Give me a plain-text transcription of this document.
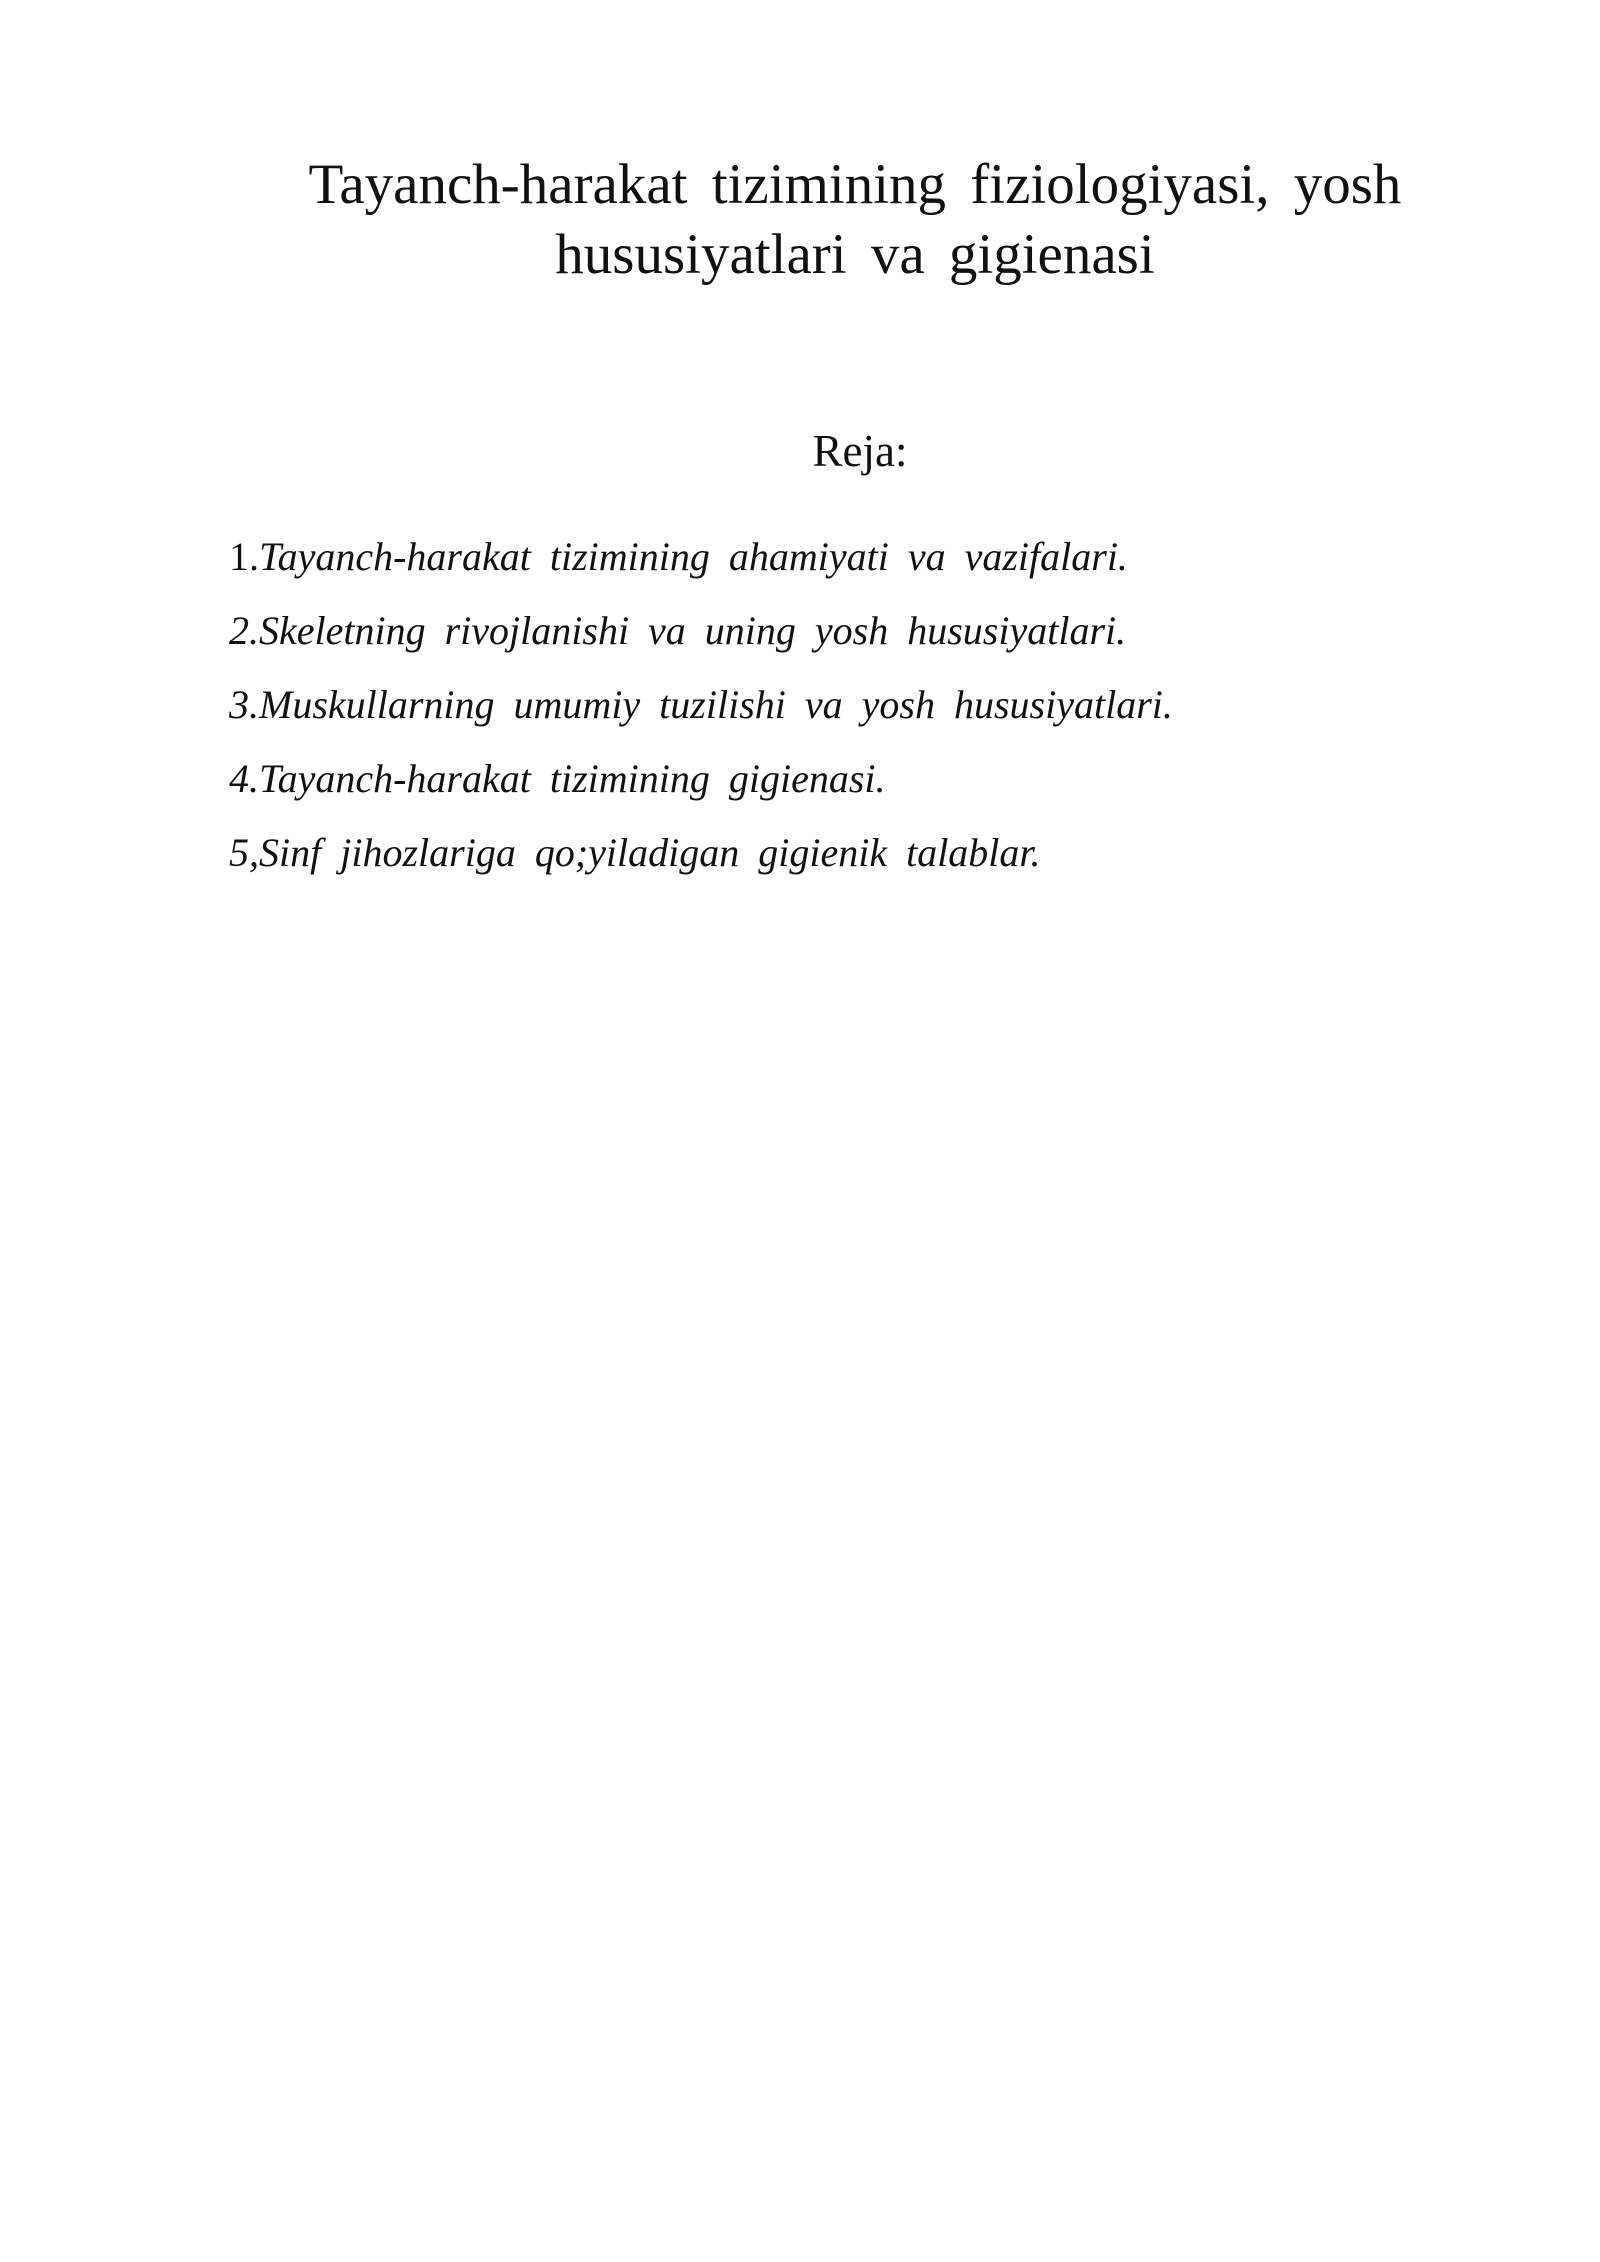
Tayanch-harakat tizimining fiziologiyasi, yosh
hususiyatlari va gigienasi
Reja:
1.Tayanch-harakat tizimining ahamiyati va vazifalari.
2.Skeletning rivojlanishi va uning yosh hususiyatlari.
3.Muskullarning umumiy tuzilishi va yosh hususiyatlari.
4.Tayanch-harakat tizimining gigienasi.
5,Sinf jihozlariga qo;yiladigan gigienik talablar.
